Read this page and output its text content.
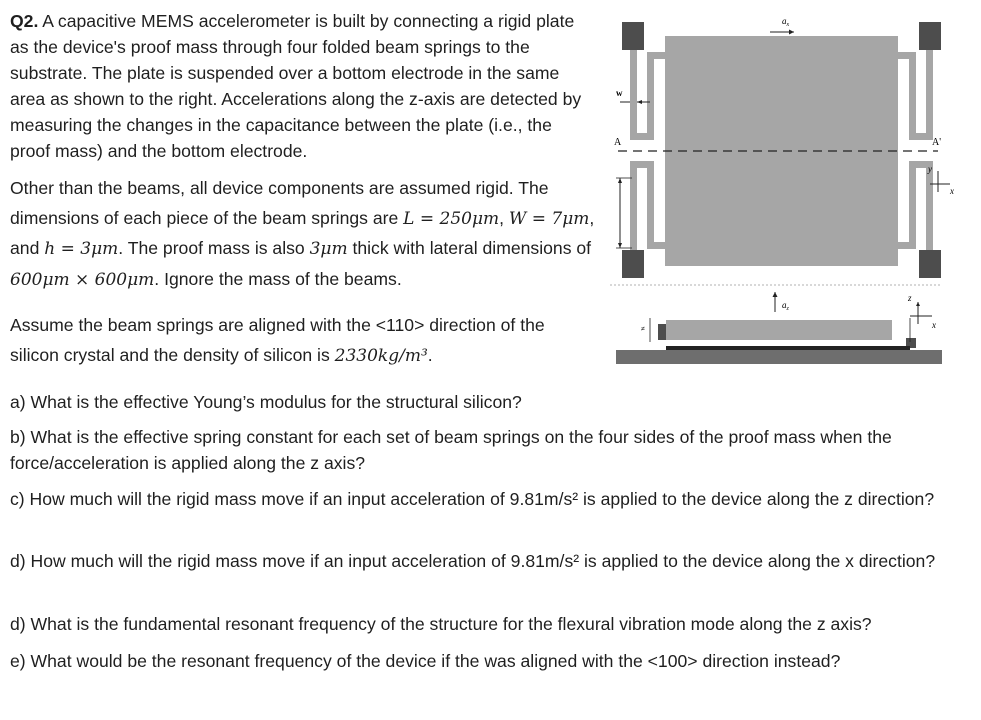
Q2. A capacitive MEMS accelerometer is built by connecting a rigid plate as the device's proof mass through four folded beam springs to the substrate. The plate is suspended over a bottom electrode in the same area as shown to the right. Accelerations along the z-axis are detected by measuring the changes in the capacitance between the plate (i.e., the proof mass) and the bottom electrode.
Other than the beams, all device components are assumed rigid. The dimensions of each piece of the beam springs are L = 250μm, W = 7μm, and h = 3μm. The proof mass is also 3μm thick with lateral dimensions of 600μm × 600μm. Ignore the mass of the beams.
Assume the beam springs are aligned with the <110> direction of the silicon crystal and the density of silicon is 2330kg/m³.
a) What is the effective Young’s modulus for the structural silicon?
b) What is the effective spring constant for each set of beam springs on the four sides of the proof mass when the force/acceleration is applied along the z axis?
c) How much will the rigid mass move if an input acceleration of 9.81m/s² is applied to the device along the z direction?
d) How much will the rigid mass move if an input acceleration of 9.81m/s² is applied to the device along the x direction?
d) What is the fundamental resonant frequency of the structure for the flexural vibration mode along the z axis?
e) What would be the resonant frequency of the device if the was aligned with the <100> direction instead?
A	A'
$a_x$
w
y
x
$a_z$
≠
z
x
